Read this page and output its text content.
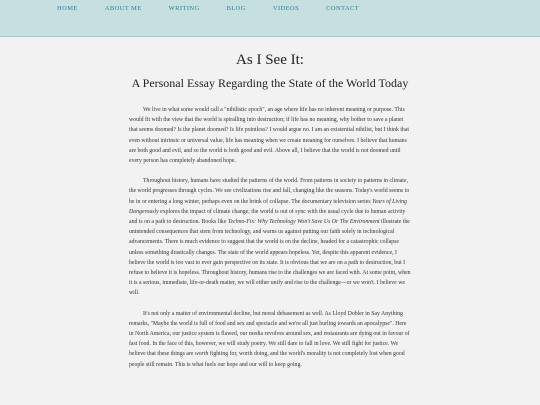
HOME	ABOUT ME	WRITING	BLOG	VIDEOS	CONTACT
As I See It:
A Personal Essay Regarding the State of the World Today

We live in what some would call a "nihilistic epoch", an age where life has no inherent meaning or purpose. This would fit with the view that the world is spiralling into destruction; if life has no meaning, why bother to save a planet that seems doomed? Is the planet doomed? Is life pointless? I would argue no. I am an existential nihilist, but I think that even without intrinsic or universal value, life has meaning when we create meaning for ourselves. I believe that humans are both good and evil, and so the world is both good and evil. Above all, I believe that the world is not doomed until every person has completely abandoned hope.

Throughout history, humans have studied the patterns of the world. From patterns in society to patterns in climate, the world progresses through cycles. We see civilizations rise and fall, changing like the seasons. Today's world seems to be in or entering a long winter, perhaps even on the brink of collapse. The documentary television series Years of Living Dangerously explores the impact of climate change; the world is out of sync with the usual cycle due to human activity and is on a path to destruction. Books like Techno-Fix: Why Technology Won't Save Us Or The Environment illustrate the unintended consequences that stem from technology, and warns us against putting our faith solely in technological advancements. There is much evidence to suggest that the world is on the decline, headed for a catastrophic collapse unless something drastically changes. The state of the world appears hopeless. Yet, despite this apparent evidence, I believe the world is too vast to ever gain perspective on its state. It is obvious that we are on a path to destruction, but I refuse to believe it is hopeless. Throughout history, humans rise to the challenges we are faced with. At some point, when it is a serious, immediate, life-or-death matter, we will either unify and rise to the challenge—or we won't. I believe we will.

It's not only a matter of environmental decline, but moral debasement as well. As Lloyd Dobler in Say Anything remarks, "Maybe the world is full of food and sex and spectacle and we're all just hurling towards an apocalypse". Here in North America, our justice system is flawed, our media revolves around sex, and restaurants are dying out in favour of fast food. In the face of this, however, we will study poetry. We still dare to fall in love. We still fight for justice. We believe that these things are worth fighting for, worth doing, and the world's morality is not completely lost when good people still remain. This is what fuels our hope and our will to keep going.
